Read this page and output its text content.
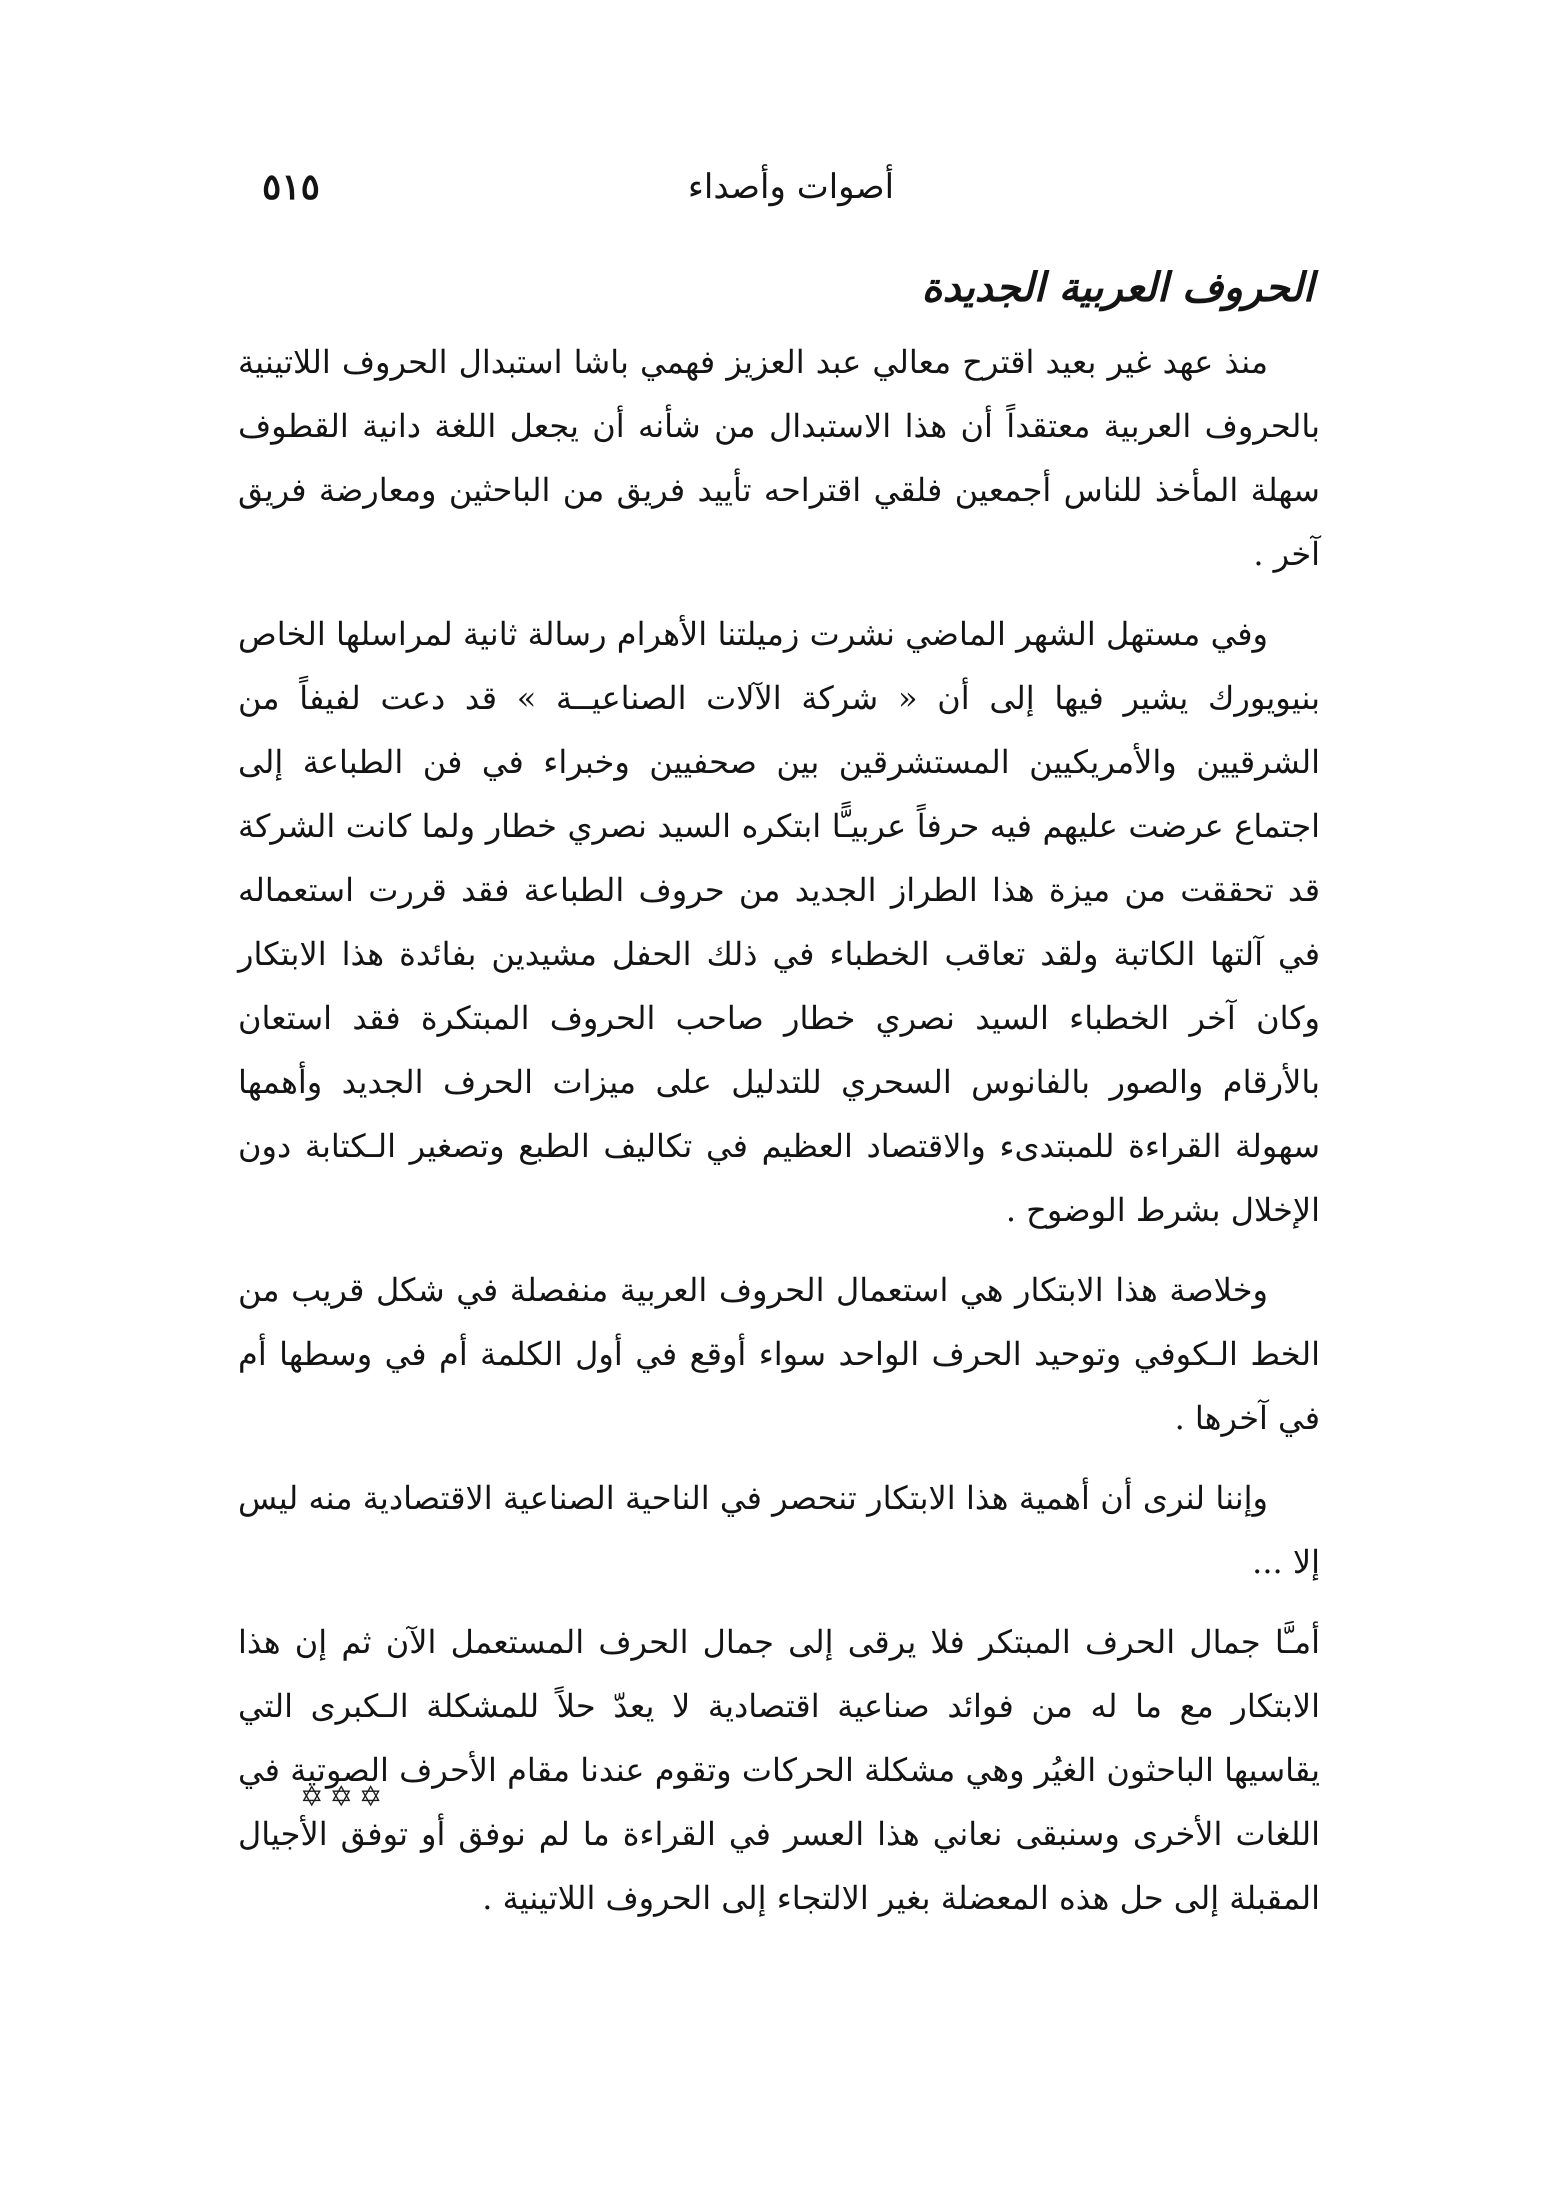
أصوات وأصداء
٥١٥
الحروف العربية الجديدة

منذ عهد غير بعيد اقترح معالي عبد العزيز فهمي باشا استبدال الحروف اللاتينية بالحروف العربية معتقداً أن هذا الاستبدال من شأنه أن يجعل اللغة دانية القطوف سهلة المأخذ للناس أجمعين فلقي اقتراحه تأييد فريق من الباحثين ومعارضة فريق آخر .

وفي مستهل الشهر الماضي نشرت زميلتنا الأهرام رسالة ثانية لمراسلها الخاص بنيويورك يشير فيها إلى أن « شركة الآلات الصناعيــة » قد دعت لفيفاً من الشرقيين والأمريكيين المستشرقين بين صحفيين وخبراء في فن الطباعة إلى اجتماع عرضت عليهم فيه حرفاً عربيـًّا ابتكره السيد نصري خطار ولما كانت الشركة قد تحققت من ميزة هذا الطراز الجديد من حروف الطباعة فقد قررت استعماله في آلتها الكاتبة ولقد تعاقب الخطباء في ذلك الحفل مشيدين بفائدة هذا الابتكار وكان آخر الخطباء السيد نصري خطار صاحب الحروف المبتكرة فقد استعان بالأرقام والصور بالفانوس السحري للتدليل على ميزات الحرف الجديد وأهمها سهولة القراءة للمبتدىء والاقتصاد العظيم في تكاليف الطبع وتصغير الـكتابة دون الإخلال بشرط الوضوح .

وخلاصة هذا الابتكار هي استعمال الحروف العربية منفصلة في شكل قريب من الخط الـكوفي وتوحيد الحرف الواحد سواء أوقع في أول الكلمة أم في وسطها أم في آخرها .

وإننا لنرى أن أهمية هذا الابتكار تنحصر في الناحية الصناعية الاقتصادية منه ليس إلا ...

أمـَّا جمال الحرف المبتكر فلا يرقى إلى جمال الحرف المستعمل الآن ثم إن هذا الابتكار مع ما له من فوائد صناعية اقتصادية لا يعدّ حلاً للمشكلة الـكبرى التي يقاسيها الباحثون الغيُر وهي مشكلة الحركات وتقوم عندنا مقام الأحرف الصوتية في اللغات الأخرى وسنبقى نعاني هذا العسر في القراءة ما لم نوفق أو توفق الأجيال المقبلة إلى حل هذه المعضلة بغير الالتجاء إلى الحروف اللاتينية .

✡✡✡
